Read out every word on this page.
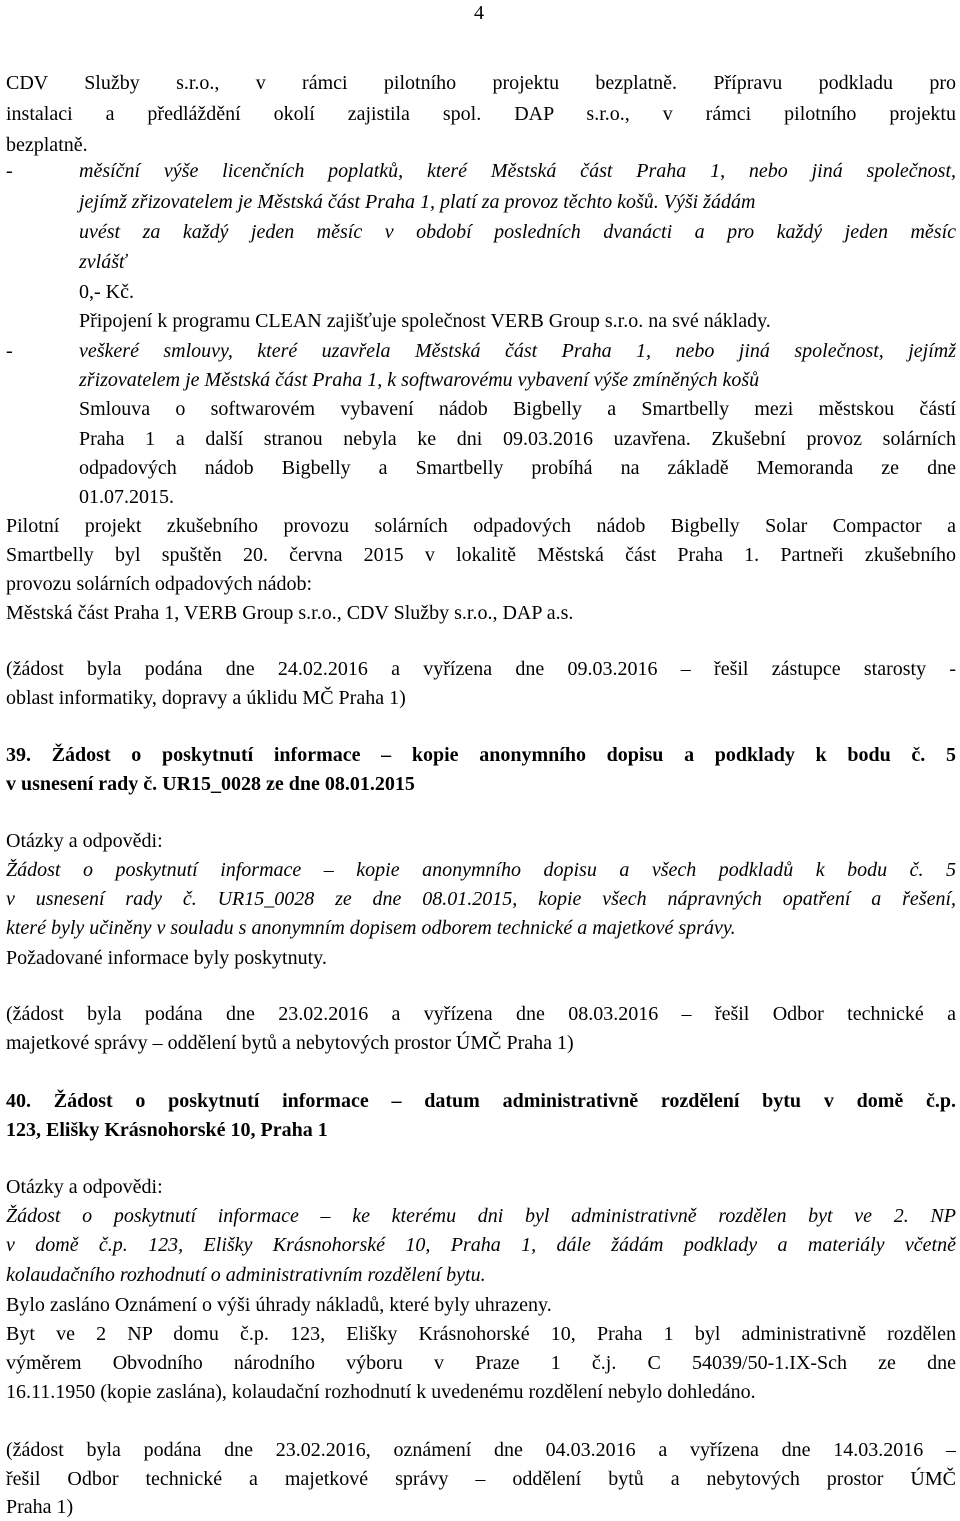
4
CDV Služby s.r.o., v rámci pilotního projektu bezplatně. Přípravu podkladu pro
instalaci a předláždění okolí zajistila spol. DAP s.r.o., v rámci pilotního projektu
bezplatně.
-	měsíční výše licenčních poplatků, které Městská část Praha 1, nebo jiná společnost,
jejímž zřizovatelem je Městská část Praha 1, platí za provoz těchto košů. Výši žádám
uvést za každý jeden měsíc v období posledních dvanácti a pro každý jeden měsíc
zvlášť
0,- Kč.
Připojení k programu CLEAN zajišťuje společnost VERB Group s.r.o. na své náklady.
-	veškeré smlouvy, které uzavřela Městská část Praha 1, nebo jiná společnost, jejímž
zřizovatelem je Městská část Praha 1, k softwarovému vybavení výše zmíněných košů
Smlouva o softwarovém vybavení nádob Bigbelly a Smartbelly mezi městskou částí
Praha 1 a další stranou nebyla ke dni 09.03.2016 uzavřena. Zkušební provoz solárních
odpadových nádob Bigbelly a Smartbelly probíhá na základě Memoranda ze dne
01.07.2015.
Pilotní projekt zkušebního provozu solárních odpadových nádob Bigbelly Solar Compactor a
Smartbelly byl spuštěn 20. června 2015 v lokalitě Městská část Praha 1. Partneři zkušebního
provozu solárních odpadových nádob:
Městská část Praha 1, VERB Group s.r.o., CDV Služby s.r.o., DAP a.s.
(žádost byla podána dne 24.02.2016 a vyřízena dne 09.03.2016 – řešil zástupce starosty -
oblast informatiky, dopravy a úklidu MČ Praha 1)
39. Žádost o poskytnutí informace – kopie anonymního dopisu a podklady k bodu č. 5
v usnesení rady č. UR15_0028 ze dne 08.01.2015
Otázky a odpovědi:
Žádost o poskytnutí informace – kopie anonymního dopisu a všech podkladů k bodu č. 5
v usnesení rady č. UR15_0028 ze dne 08.01.2015, kopie všech nápravných opatření a řešení,
které byly učiněny v souladu s anonymním dopisem odborem technické a majetkové správy.
Požadované informace byly poskytnuty.
(žádost byla podána dne 23.02.2016 a vyřízena dne 08.03.2016 – řešil Odbor technické a
majetkové správy – oddělení bytů a nebytových prostor ÚMČ Praha 1)
40. Žádost o poskytnutí informace – datum administrativně rozdělení bytu v domě č.p.
123, Elišky Krásnohorské 10, Praha 1
Otázky a odpovědi:
Žádost o poskytnutí informace – ke kterému dni byl administrativně rozdělen byt ve 2. NP
v domě č.p. 123, Elišky Krásnohorské 10, Praha 1, dále žádám podklady a materiály včetně
kolaudačního rozhodnutí o administrativním rozdělení bytu.
Bylo zasláno Oznámení o výši úhrady nákladů, které byly uhrazeny.
Byt ve 2 NP domu č.p. 123, Elišky Krásnohorské 10, Praha 1 byl administrativně rozdělen
výměrem Obvodního národního výboru v Praze 1 č.j. C 54039/50-1.IX-Sch ze dne
16.11.1950 (kopie zaslána), kolaudační rozhodnutí k uvedenému rozdělení nebylo dohledáno.
(žádost byla podána dne 23.02.2016, oznámení dne 04.03.2016 a vyřízena dne 14.03.2016 –
řešil Odbor technické a majetkové správy – oddělení bytů a nebytových prostor ÚMČ
Praha 1)
